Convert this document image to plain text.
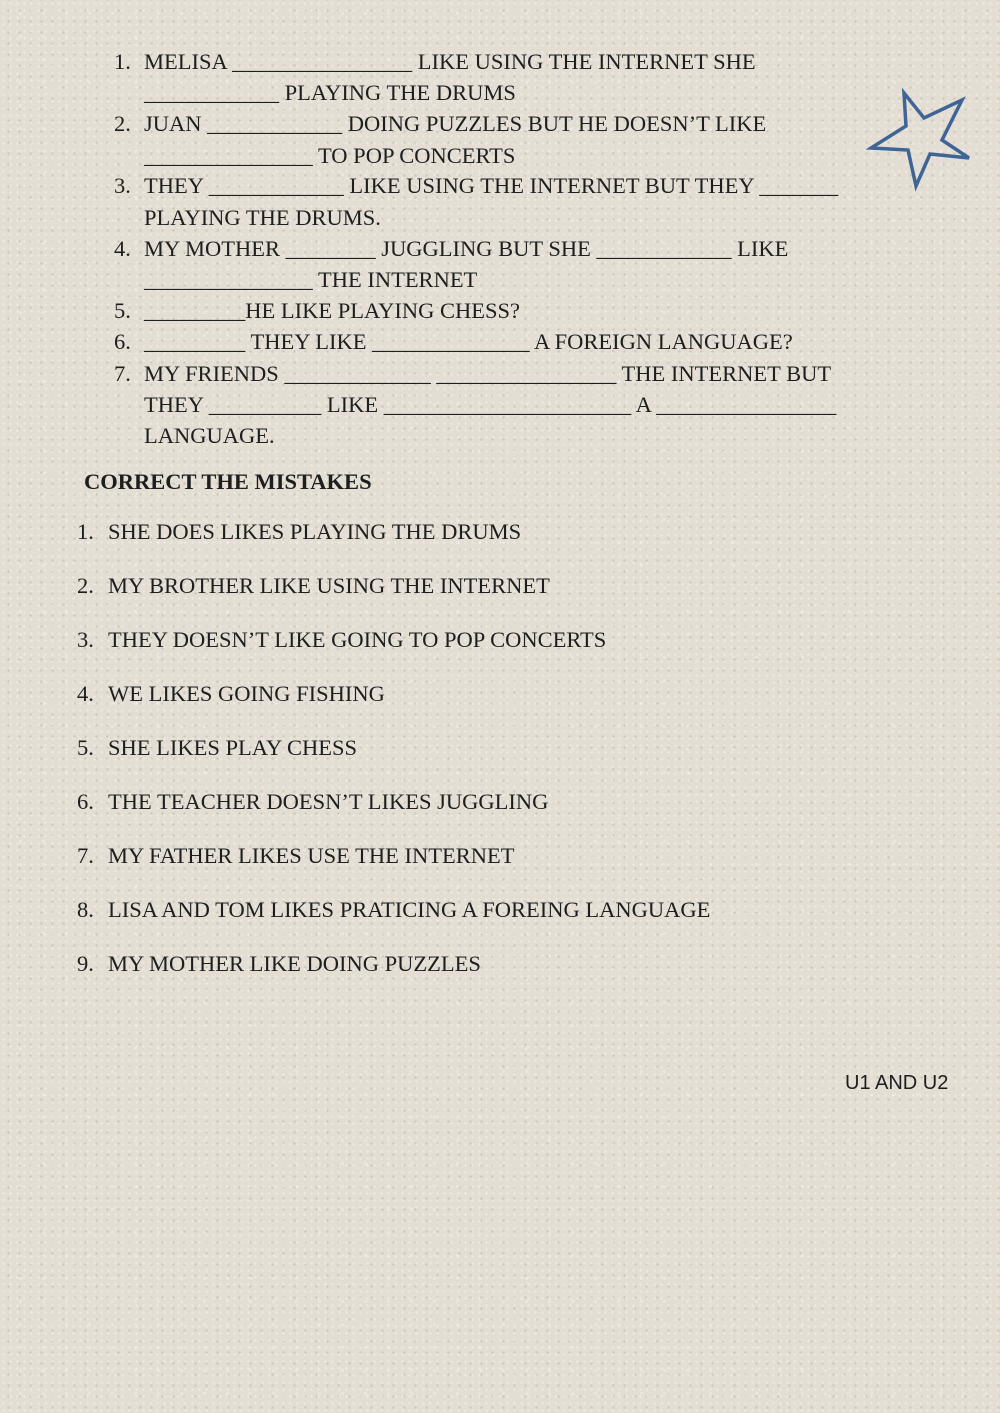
1. MELISA ________________ LIKE USING THE INTERNET SHE
____________ PLAYING THE DRUMS
2. JUAN ____________ DOING PUZZLES BUT HE DOESN’T LIKE
_______________ TO POP CONCERTS
3. THEY ____________ LIKE USING THE INTERNET BUT THEY _______
PLAYING THE DRUMS.
4. MY MOTHER ________ JUGGLING BUT SHE ____________ LIKE
_______________ THE INTERNET
5. _________HE LIKE PLAYING CHESS?
6. _________ THEY LIKE ______________ A FOREIGN LANGUAGE?
7. MY FRIENDS _____________ ________________ THE INTERNET BUT
THEY __________ LIKE ______________________ A ________________
LANGUAGE.
CORRECT THE MISTAKES
1. SHE DOES LIKES PLAYING THE DRUMS
2. MY BROTHER LIKE USING THE INTERNET
3. THEY DOESN’T LIKE GOING TO POP CONCERTS
4. WE LIKES GOING FISHING
5. SHE LIKES PLAY CHESS
6. THE TEACHER DOESN’T LIKES JUGGLING
7. MY FATHER LIKES USE THE INTERNET
8. LISA AND TOM LIKES PRATICING A FOREING LANGUAGE
9. MY MOTHER LIKE DOING PUZZLES
U1 AND U2
